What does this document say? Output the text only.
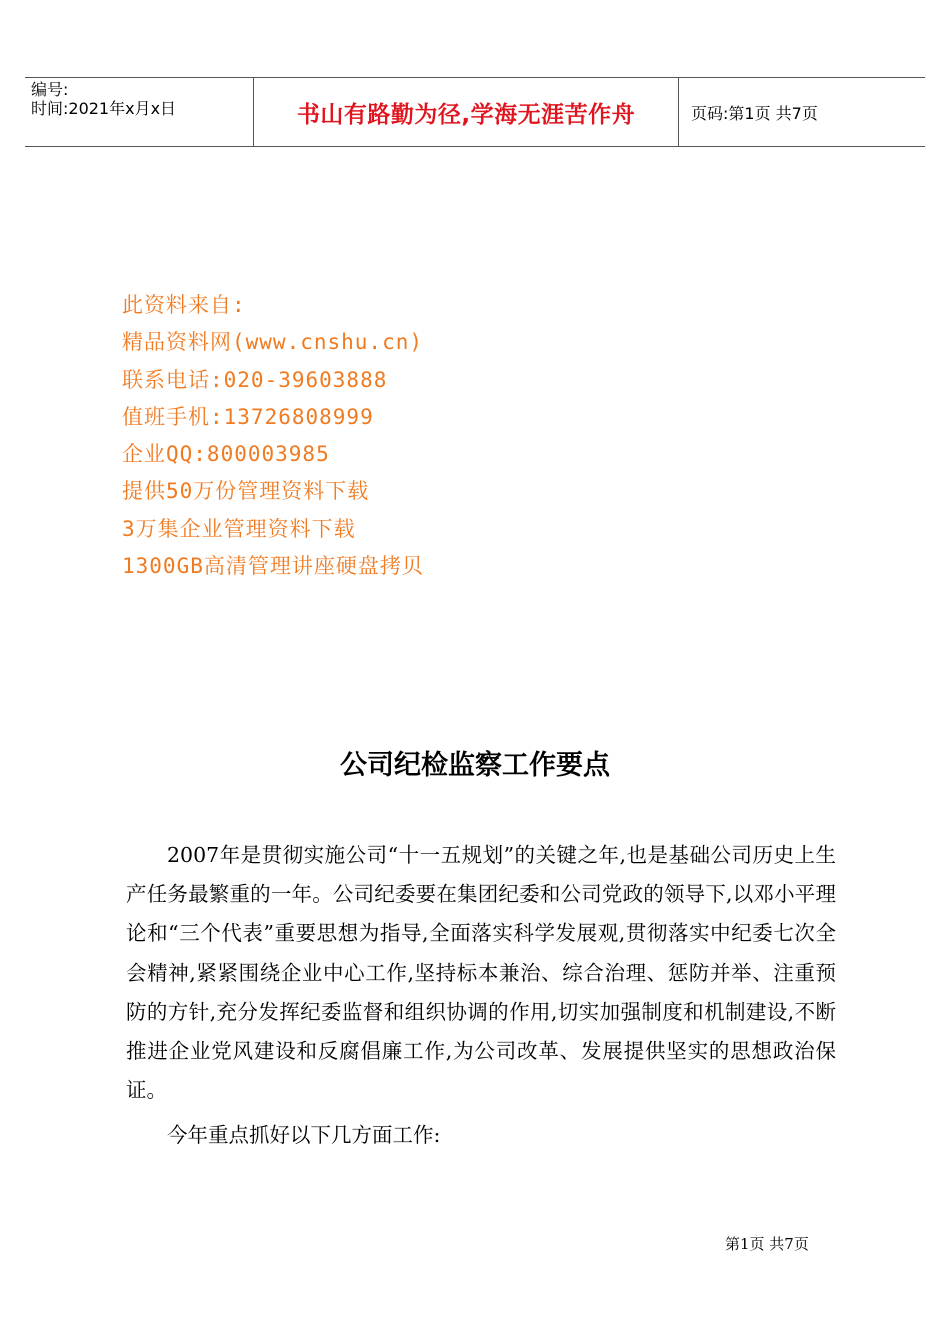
编号:
时间:2021年x月x日	书山有路勤为径,学海无涯苦作舟	页码:第1页 共7页
此资料来自:
精品资料网(www.cnshu.cn)
联系电话:020-39603888
值班手机:13726808999
企业QQ:800003985
提供50万份管理资料下载
3万集企业管理资料下载
1300GB高清管理讲座硬盘拷贝
公司纪检监察工作要点

2007年是贯彻实施公司“十一五规划”的关键之年,也是基础公司历史上生产任务最繁重的一年。公司纪委要在集团纪委和公司党政的领导下,以邓小平理论和“三个代表”重要思想为指导,全面落实科学发展观,贯彻落实中纪委七次全会精神,紧紧围绕企业中心工作,坚持标本兼治、综合治理、惩防并举、注重预防的方针,充分发挥纪委监督和组织协调的作用,切实加强制度和机制建设,不断推进企业党风建设和反腐倡廉工作,为公司改革、发展提供坚实的思想政治保证。

今年重点抓好以下几方面工作:

第1页 共7页
